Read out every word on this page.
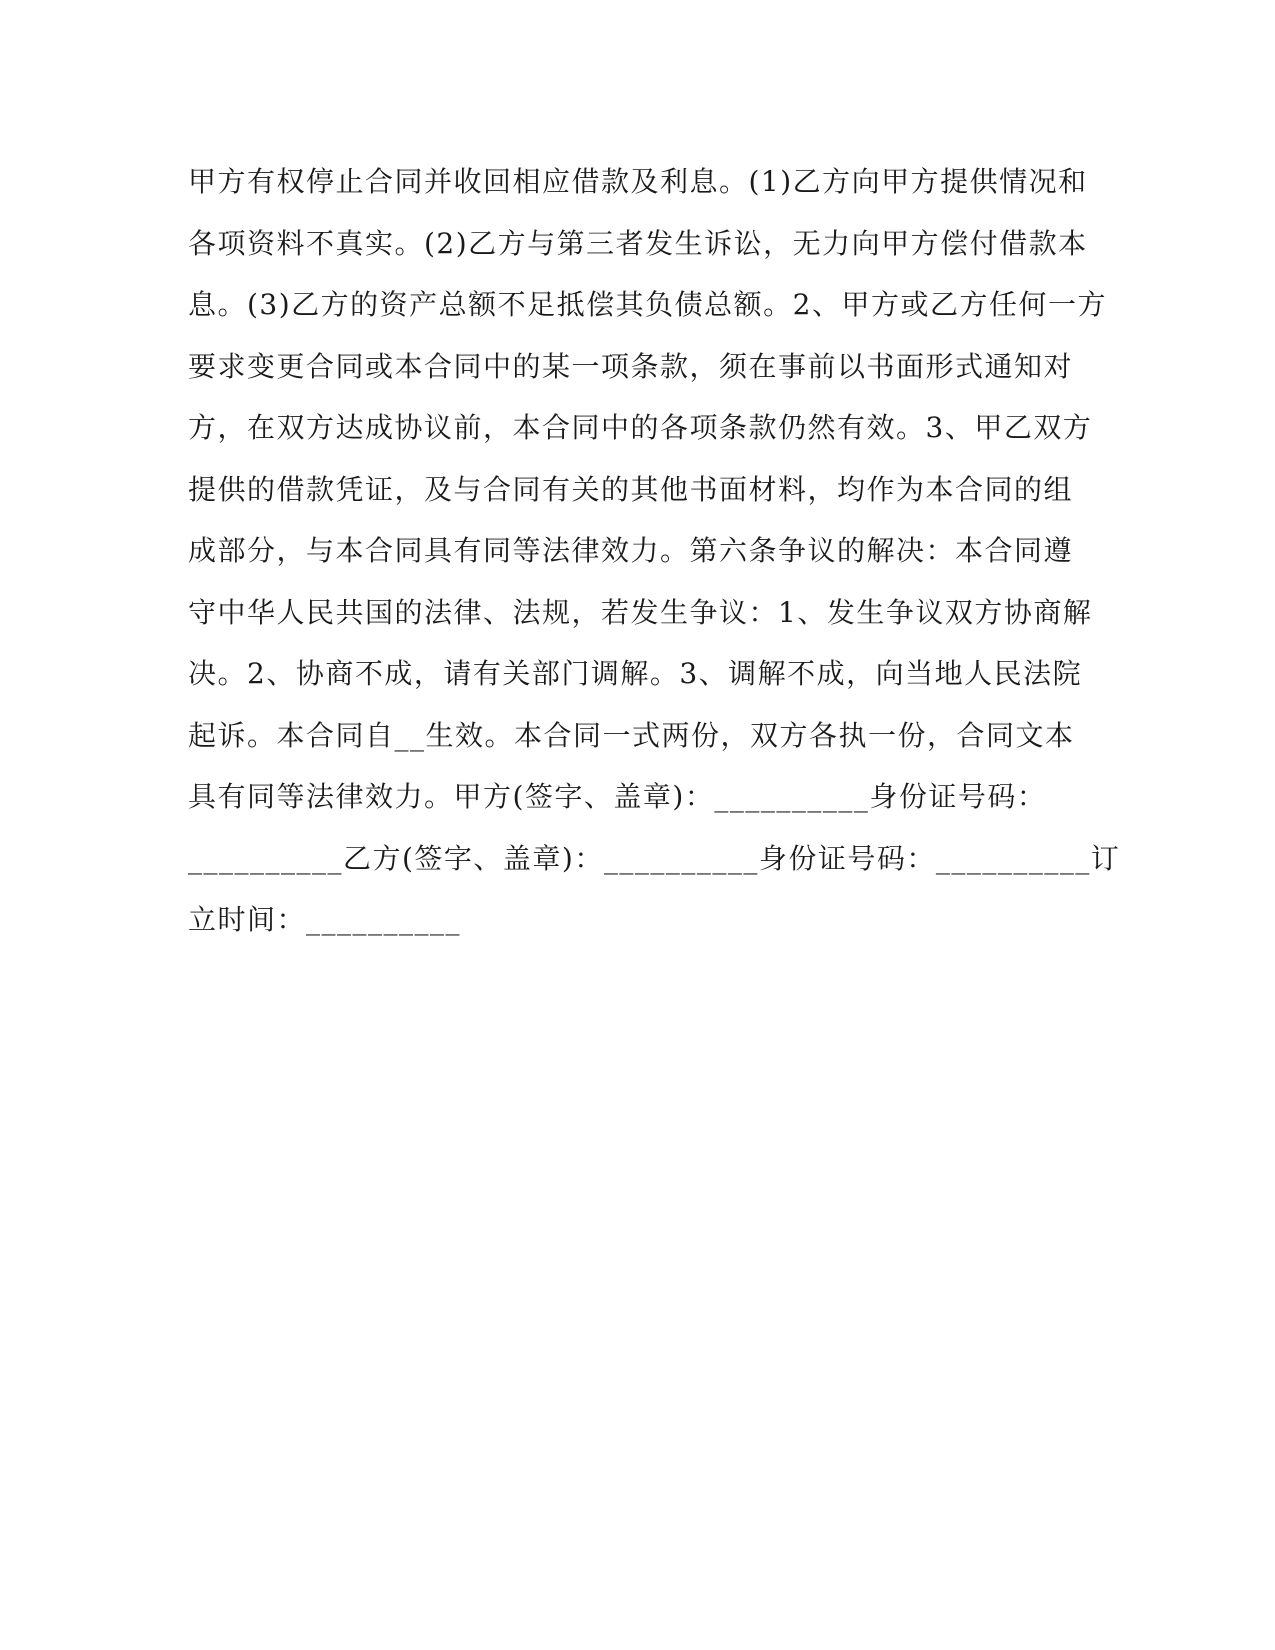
甲方有权停止合同并收回相应借款及利息。(1)乙方向甲方提供情况和
各项资料不真实。(2)乙方与第三者发生诉讼，无力向甲方偿付借款本
息。(3)乙方的资产总额不足抵偿其负债总额。2、甲方或乙方任何一方
要求变更合同或本合同中的某一项条款，须在事前以书面形式通知对
方，在双方达成协议前，本合同中的各项条款仍然有效。3、甲乙双方
提供的借款凭证，及与合同有关的其他书面材料，均作为本合同的组
成部分，与本合同具有同等法律效力。第六条争议的解决：本合同遵
守中华人民共国的法律、法规，若发生争议：1、发生争议双方协商解
决。2、协商不成，请有关部门调解。3、调解不成，向当地人民法院
起诉。本合同自__生效。本合同一式两份，双方各执一份，合同文本
具有同等法律效力。甲方(签字、盖章)：__________身份证号码：
__________乙方(签字、盖章)：__________身份证号码：__________订
立时间：__________
